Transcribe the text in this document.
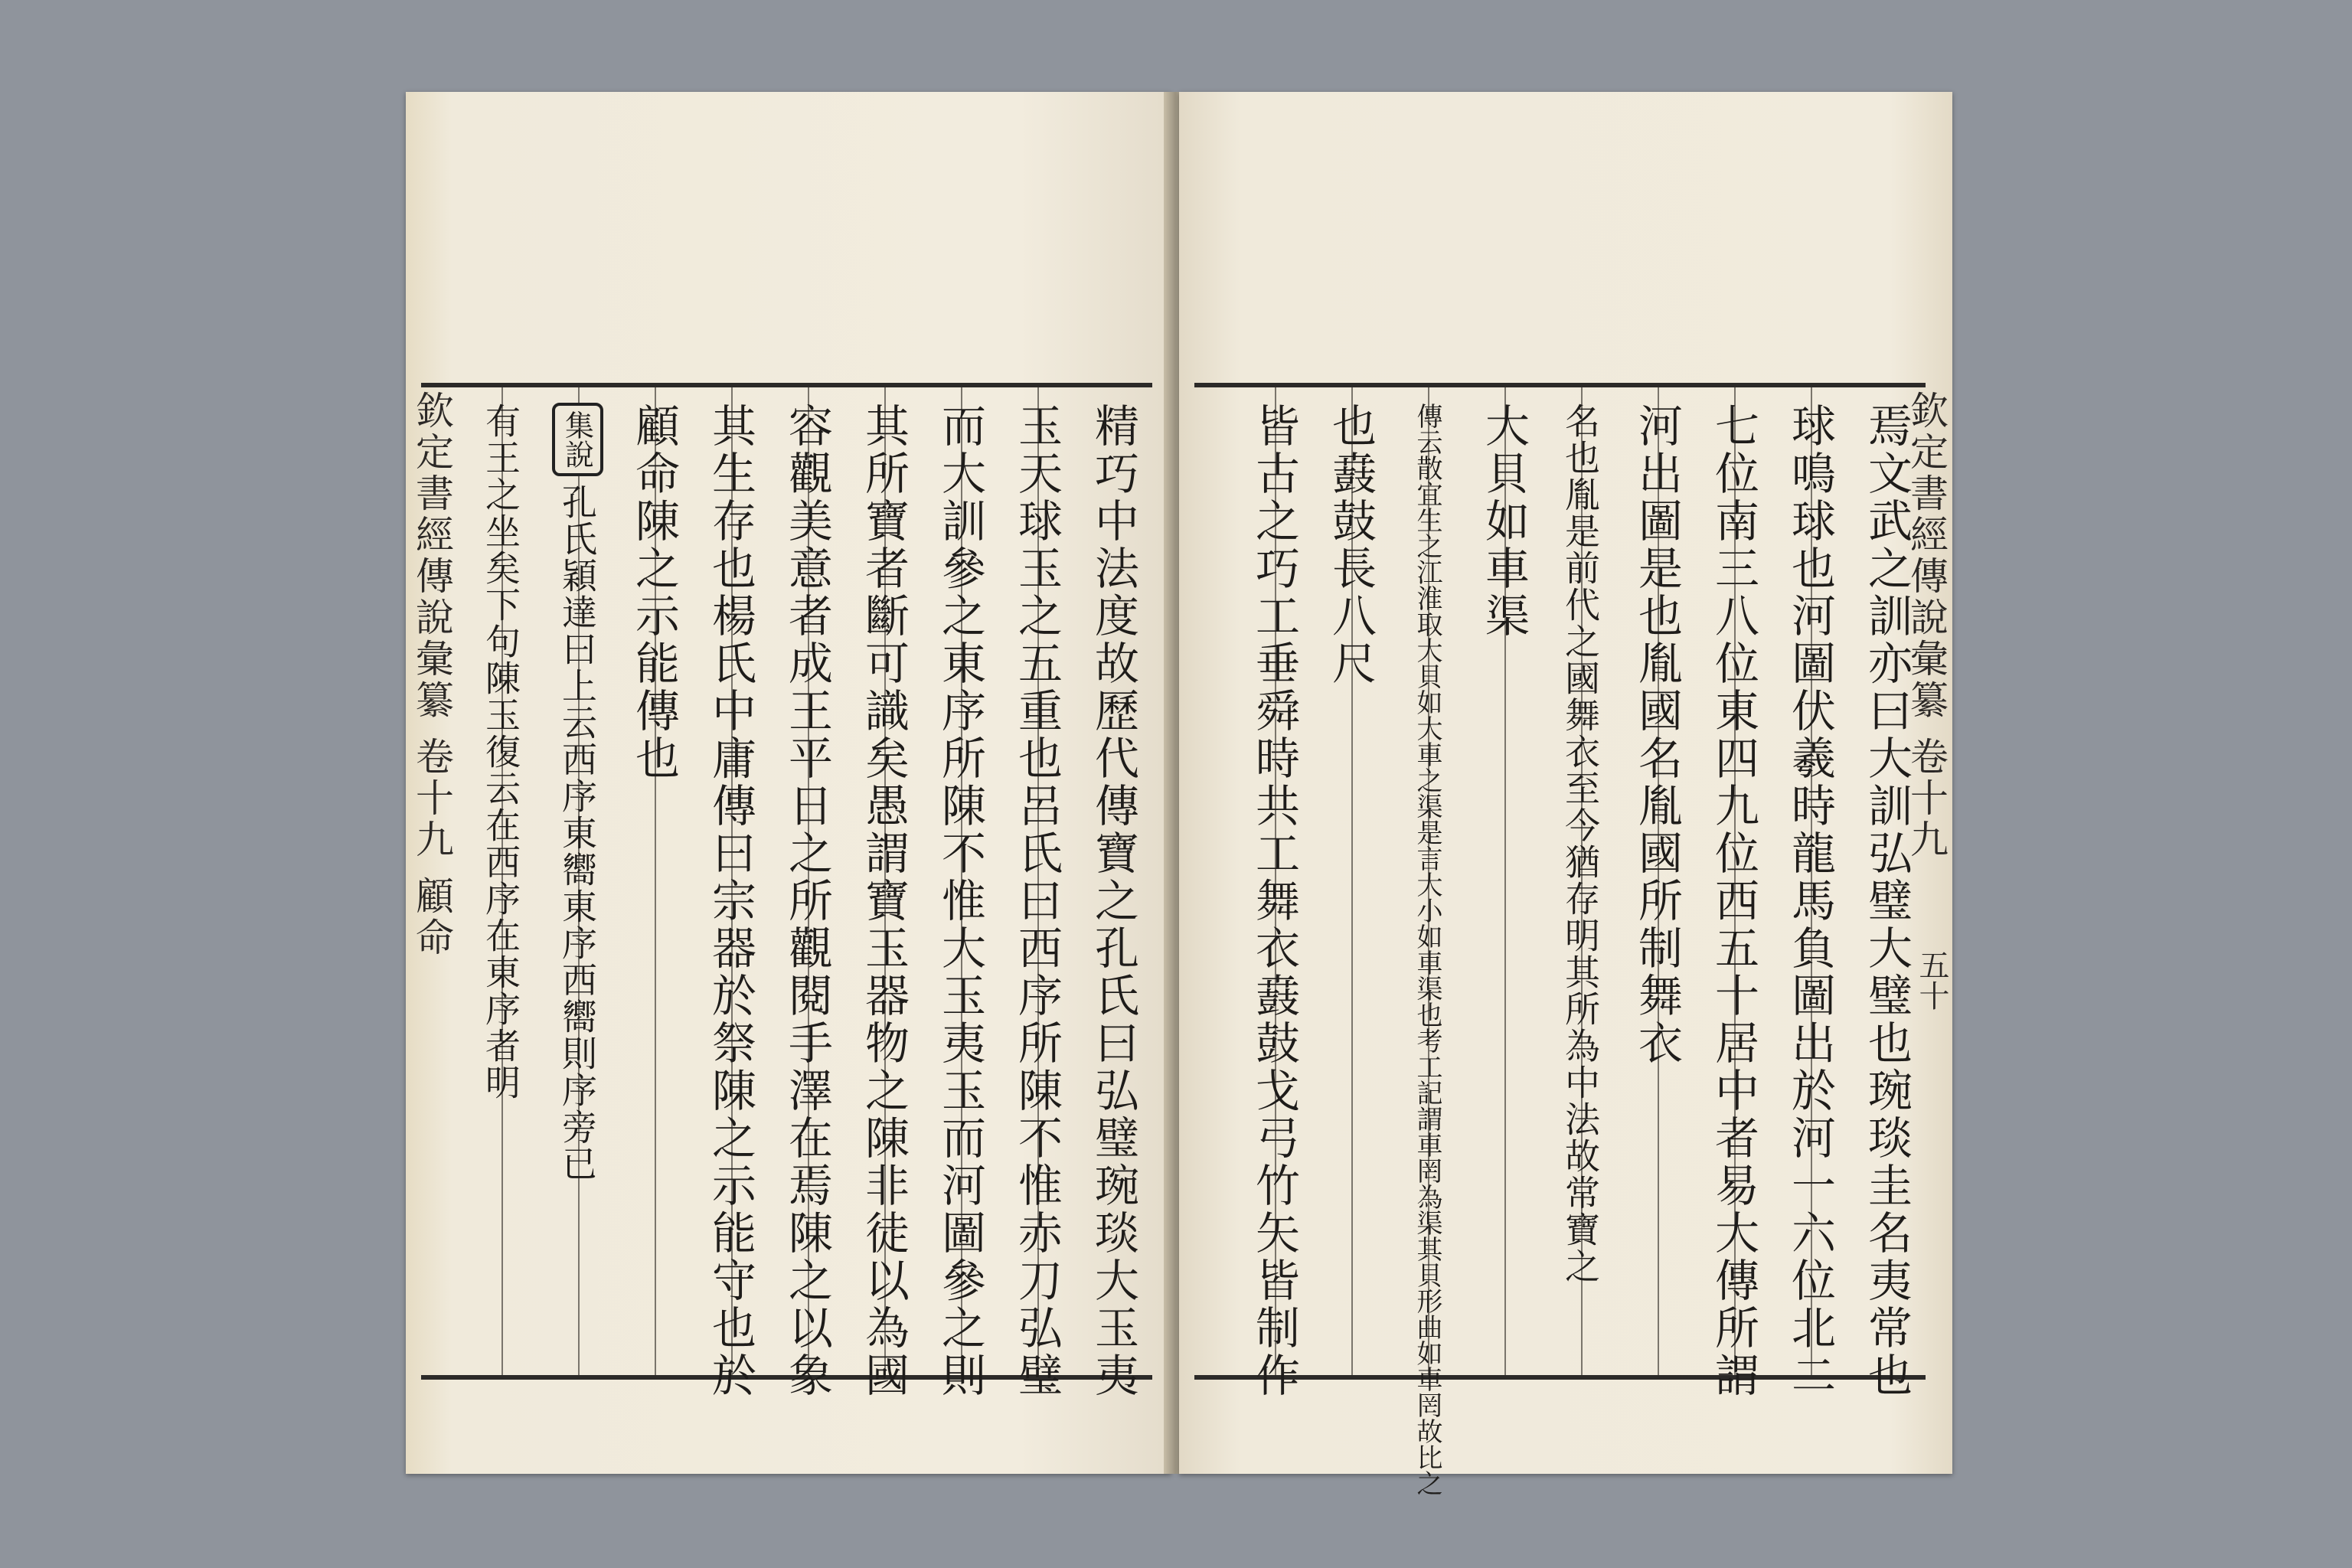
精巧中法度故歷代傳寶之孔氏曰弘璧琬琰大玉夷
玉天球玉之五重也呂氏曰西序所陳不惟赤刀弘璧
而大訓參之東序所陳不惟大玉夷玉而河圖參之則
其所寶者斷可識矣愚謂寶玉器物之陳非徒以為國
容觀美意者成王平日之所觀閱手澤在焉陳之以象
其生存也楊氏中庸傳曰宗器於祭陳之示能守也於
顧命陳之示能傳也
集說
孔氏穎達曰上云西序東嚮東序西嚮則序旁已
有王之坐矣下句陳玉復云在西序在東序者明
欽定書經傳說彙纂 卷十九 顧命	焉文武之訓亦曰大訓弘璧大璧也琬琰圭名夷常也
球鳴球也河圖伏羲時龍馬負圖出於河一六位北二
七位南三八位東四九位西五十居中者易大傳所謂
河出圖是也胤國名胤國所制舞衣
名也胤是前代之國舞衣至今猶存明其所為中法故常寶之
大貝如車渠
傳云散宜生之江淮取大貝如大車之渠是言大小如車渠也考工記謂車罔為渠其貝形曲如車罔故比之
也鼖鼓長八尺
皆古之巧工垂舜時共工舞衣鼖鼓戈弓竹矢皆制作	欽定書經傳說彙纂 卷十九
五十
